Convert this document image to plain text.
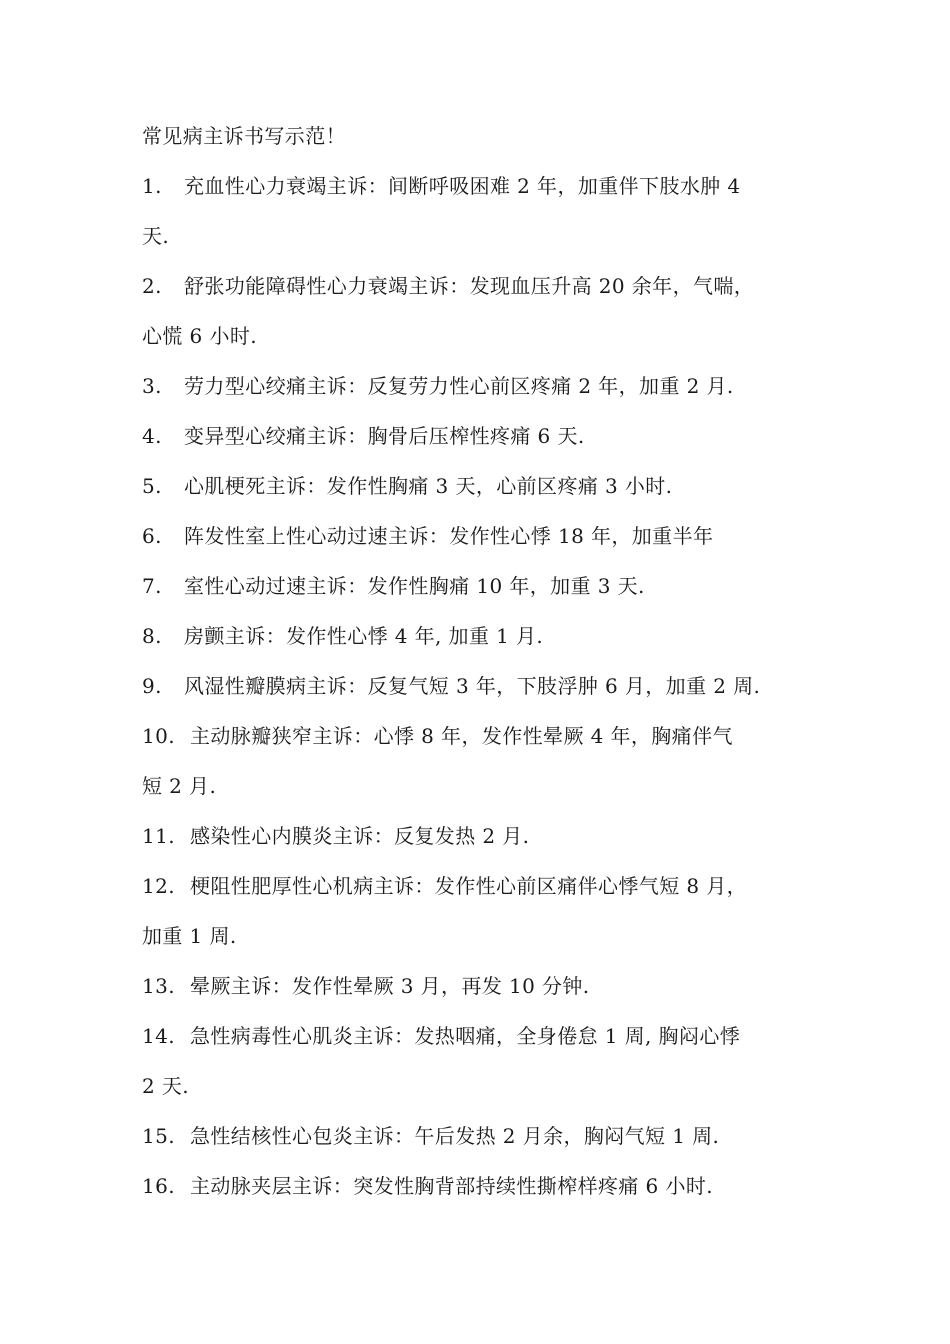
常见病主诉书写示范！
1. 充血性心力衰竭主诉：间断呼吸困难 2 年，加重伴下肢水肿 4
天.
2. 舒张功能障碍性心力衰竭主诉：发现血压升高 20 余年，气喘，
心慌 6 小时.
3. 劳力型心绞痛主诉：反复劳力性心前区疼痛 2 年，加重 2 月.
4. 变异型心绞痛主诉：胸骨后压榨性疼痛 6 天.
5. 心肌梗死主诉：发作性胸痛 3 天，心前区疼痛 3 小时.
6. 阵发性室上性心动过速主诉：发作性心悸 18 年，加重半年
7. 室性心动过速主诉：发作性胸痛 10 年，加重 3 天.
8. 房颤主诉：发作性心悸 4 年, 加重 1 月.
9. 风湿性瓣膜病主诉：反复气短 3 年，下肢浮肿 6 月，加重 2 周.
10. 主动脉瓣狭窄主诉：心悸 8 年，发作性晕厥 4 年，胸痛伴气
短 2 月.
11. 感染性心内膜炎主诉：反复发热 2 月.
12. 梗阻性肥厚性心机病主诉：发作性心前区痛伴心悸气短 8 月，
加重 1 周.
13. 晕厥主诉：发作性晕厥 3 月，再发 10 分钟.
14. 急性病毒性心肌炎主诉：发热咽痛，全身倦怠 1 周, 胸闷心悸
2 天.
15. 急性结核性心包炎主诉：午后发热 2 月余，胸闷气短 1 周.
16. 主动脉夹层主诉：突发性胸背部持续性撕榨样疼痛 6 小时.
